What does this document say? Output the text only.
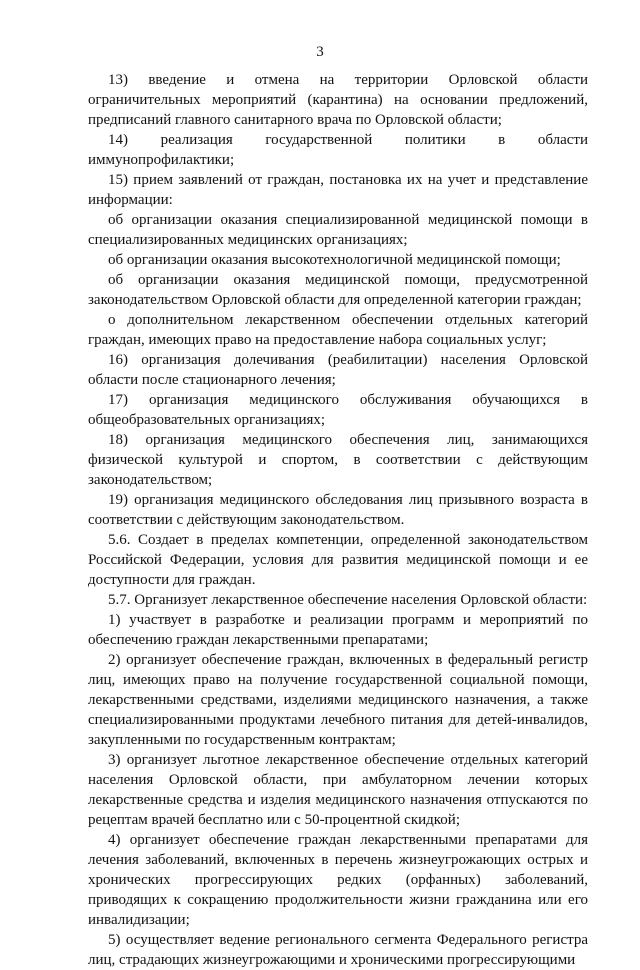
3

13) введение и отмена на территории Орловской области ограничительных мероприятий (карантина) на основании предложений, предписаний главного санитарного врача по Орловской области;

14) реализация государственной политики в области иммунопрофилактики;

15) прием заявлений от граждан, постановка их на учет и представление информации:

об организации оказания специализированной медицинской помощи в специализированных медицинских организациях;

об организации оказания высокотехнологичной медицинской помощи;

об организации оказания медицинской помощи, предусмотренной законодательством Орловской области для определенной категории граждан;

о дополнительном лекарственном обеспечении отдельных категорий граждан, имеющих право на предоставление набора социальных услуг;

16) организация долечивания (реабилитации) населения Орловской области после стационарного лечения;

17) организация медицинского обслуживания обучающихся в общеобразовательных организациях;

18) организация медицинского обеспечения лиц, занимающихся физической культурой и спортом, в соответствии с действующим законодательством;

19) организация медицинского обследования лиц призывного возраста в соответствии с действующим законодательством.

5.6. Создает в пределах компетенции, определенной законодательством Российской Федерации, условия для развития медицинской помощи и ее доступности для граждан.

5.7. Организует лекарственное обеспечение населения Орловской области:

1) участвует в разработке и реализации программ и мероприятий по обеспечению граждан лекарственными препаратами;

2) организует обеспечение граждан, включенных в федеральный регистр лиц, имеющих право на получение государственной социальной помощи, лекарственными средствами, изделиями медицинского назначения, а также специализированными продуктами лечебного питания для детей-инвалидов, закупленными по государственным контрактам;

3) организует льготное лекарственное обеспечение отдельных категорий населения Орловской области, при амбулаторном лечении которых лекарственные средства и изделия медицинского назначения отпускаются по рецептам врачей бесплатно или с 50-процентной скидкой;

4) организует обеспечение граждан лекарственными препаратами для лечения заболеваний, включенных в перечень жизнеугрожающих острых и хронических прогрессирующих редких (орфанных) заболеваний, приводящих к сокращению продолжительности жизни гражданина или его инвалидизации;

5) осуществляет ведение регионального сегмента Федерального регистра лиц, страдающих жизнеугрожающими и хроническими прогрессирующими
